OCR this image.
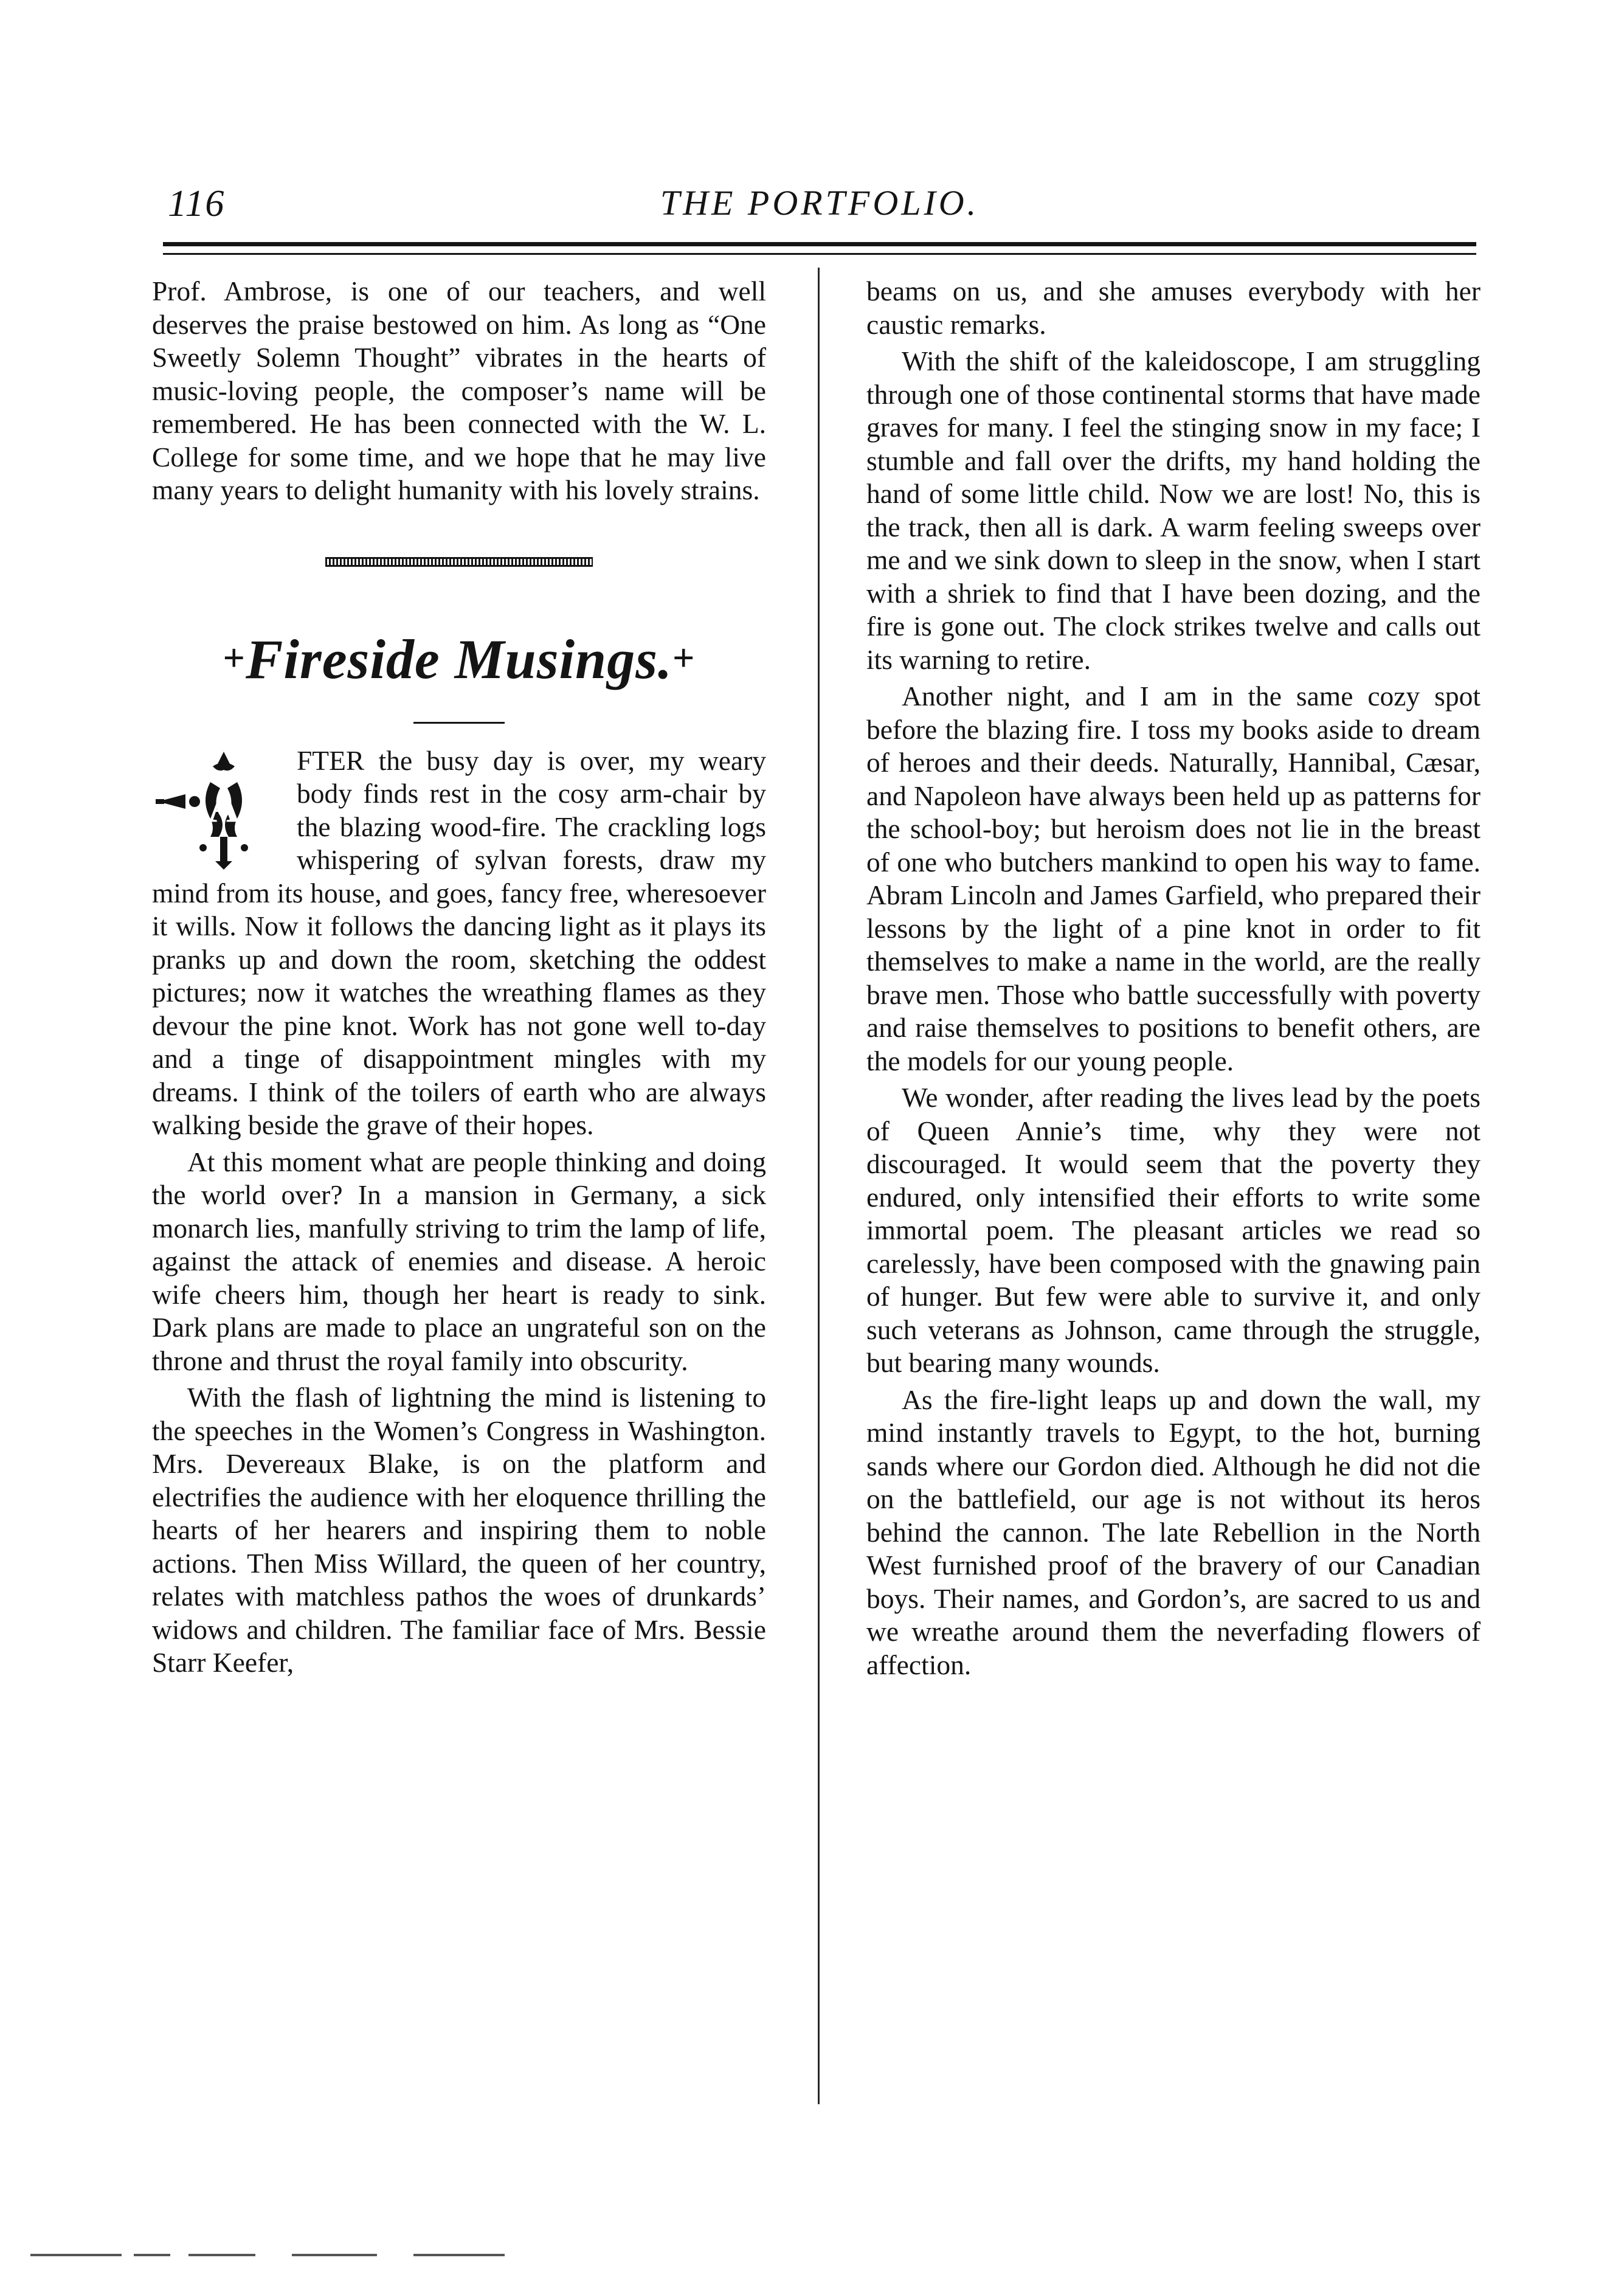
116	THE PORTFOLIO.

Prof. Ambrose, is one of our teachers, and well deserves the praise bestowed on him. As long as “One Sweetly Solemn Thought” vibrates in the hearts of music-loving people, the composer’s name will be remembered. He has been connected with the W. L. College for some time, and we hope that he may live many years to delight humanity with his lovely strains.

+Fireside Musings.+

A
FTER the busy day is over, my weary body finds rest in the cosy arm-chair by the blazing wood-fire. The crackling logs whispering of sylvan forests, draw my mind from its house, and goes, fancy free, wheresoever it wills. Now it follows the dancing light as it plays its pranks up and down the room, sketching the oddest pictures; now it watches the wreathing flames as they devour the pine knot. Work has not gone well to-day and a tinge of disappointment mingles with my dreams. I think of the toilers of earth who are always walking beside the grave of their hopes.

At this moment what are people thinking and doing the world over? In a mansion in Germany, a sick monarch lies, manfully striving to trim the lamp of life, against the attack of enemies and disease. A heroic wife cheers him, though her heart is ready to sink. Dark plans are made to place an ungrateful son on the throne and thrust the royal family into obscurity.

With the flash of lightning the mind is listening to the speeches in the Women’s Congress in Washington. Mrs. Devereaux Blake, is on the platform and electrifies the audience with her eloquence thrilling the hearts of her hearers and inspiring them to noble actions. Then Miss Willard, the queen of her country, relates with matchless pathos the woes of drunkards’ widows and children. The familiar face of Mrs. Bessie Starr Keefer,

beams on us, and she amuses everybody with her caustic remarks.

With the shift of the kaleidoscope, I am struggling through one of those continental storms that have made graves for many. I feel the stinging snow in my face; I stumble and fall over the drifts, my hand holding the hand of some little child. Now we are lost! No, this is the track, then all is dark. A warm feeling sweeps over me and we sink down to sleep in the snow, when I start with a shriek to find that I have been dozing, and the fire is gone out. The clock strikes twelve and calls out its warning to retire.

Another night, and I am in the same cozy spot before the blazing fire. I toss my books aside to dream of heroes and their deeds. Naturally, Hannibal, Cæsar, and Napoleon have always been held up as patterns for the school-boy; but heroism does not lie in the breast of one who butchers mankind to open his way to fame. Abram Lincoln and James Garfield, who prepared their lessons by the light of a pine knot in order to fit themselves to make a name in the world, are the really brave men. Those who battle successfully with poverty and raise themselves to positions to benefit others, are the models for our young people.

We wonder, after reading the lives lead by the poets of Queen Annie’s time, why they were not discouraged. It would seem that the poverty they endured, only intensified their efforts to write some immortal poem. The pleasant articles we read so carelessly, have been composed with the gnawing pain of hunger. But few were able to survive it, and only such veterans as Johnson, came through the struggle, but bearing many wounds.

As the fire-light leaps up and down the wall, my mind instantly travels to Egypt, to the hot, burning sands where our Gordon died. Although he did not die on the battlefield, our age is not without its heros behind the cannon. The late Rebellion in the North West furnished proof of the bravery of our Canadian boys. Their names, and Gordon’s, are sacred to us and we wreathe around them the neverfading flowers of affection.
